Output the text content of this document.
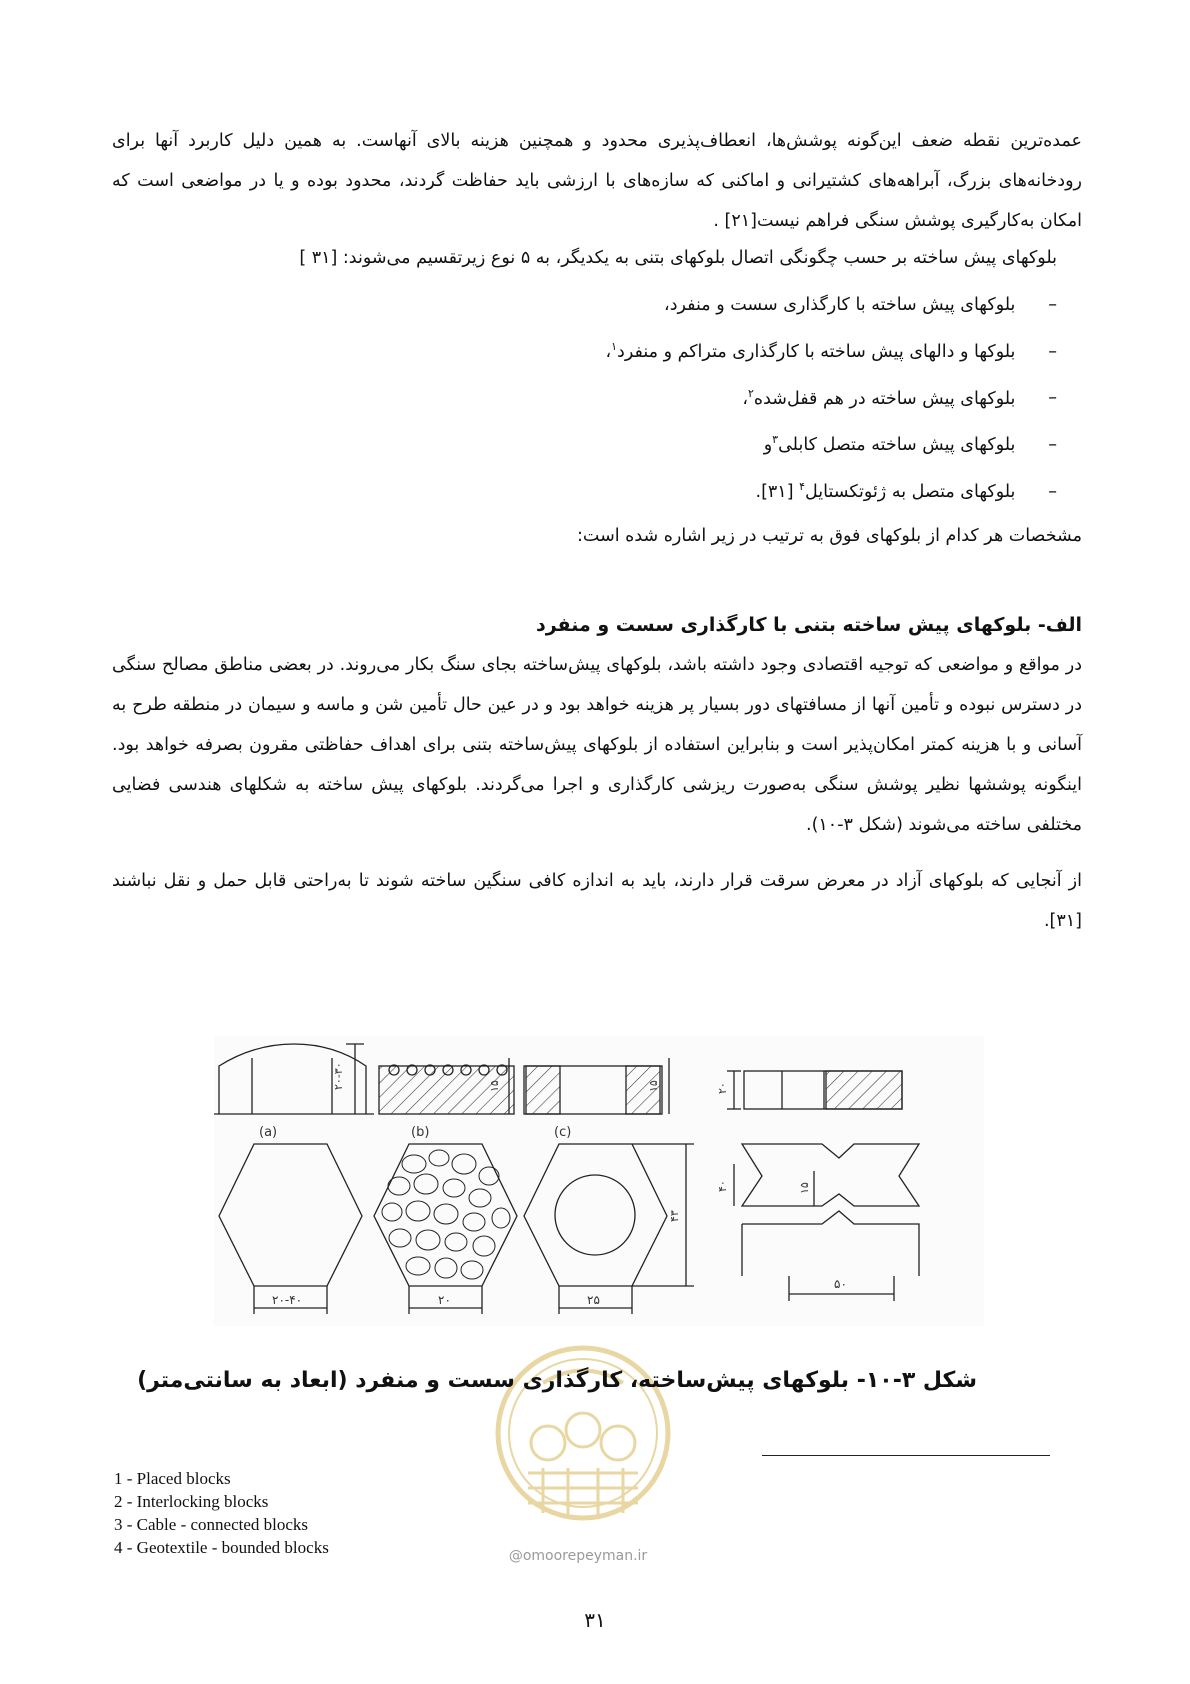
عمده‌ترین نقطه ضعف این‌گونه پوشش‌ها، انعطاف‌پذیری محدود و همچنین هزینه بالای آنهاست. به همین دلیل کاربرد آنها برای رودخانه‌های بزرگ، آبراهه‌های کشتیرانی و اماکنی که سازه‌های با ارزشی باید حفاظت گردند، محدود بوده و یا در مواضعی است که امکان به‌کارگیری پوشش سنگی فراهم نیست[۲۱] .
بلوکهای پیش ساخته بر حسب چگونگی اتصال بلوکهای بتنی به یکدیگر، به ۵ نوع زیرتقسیم می‌شوند: [۳۱ ]
– بلوکهای پیش ساخته با کارگذاری سست و منفرد،
– بلوکها و دالهای پیش ساخته با کارگذاری متراکم و منفرد$^۱$،
– بلوکهای پیش ساخته در هم قفل‌شده$^۲$،
– بلوکهای پیش ساخته متصل کابلی$^۳$و
– بلوکهای متصل به ژئوتکستایل$^۴$ [۳۱].
مشخصات هر کدام از بلوکهای فوق به ترتیب در زیر اشاره شده است:
الف- بلوکهای پیش ساخته بتنی با کارگذاری سست و منفرد
در مواقع و مواضعی که توجیه اقتصادی وجود داشته باشد، بلوکهای پیش‌ساخته بجای سنگ بکار می‌روند. در بعضی مناطق مصالح سنگی در دسترس نبوده و تأمین آنها از مسافتهای دور بسیار پر هزینه خواهد بود و در عین حال تأمین شن و ماسه و سیمان در منطقه طرح به آسانی و با هزینه کمتر امکان‌پذیر است و بنابراین استفاده از بلوکهای پیش‌ساخته بتنی برای اهداف حفاظتی مقرون بصرفه خواهد بود. اینگونه پوششها نظیر پوشش سنگی به‌صورت ریزشی کارگذاری و اجرا می‌گردند. بلوکهای پیش ساخته به شکلهای هندسی فضایی مختلفی ساخته می‌شوند (شکل ۳-۱۰).
از آنجایی که بلوکهای آزاد در معرض سرقت قرار دارند، باید به اندازه کافی سنگین ساخته شوند تا به‌راحتی قابل حمل و نقل نباشند [۳۱].
(a)	(b)	(c)
۲۰-۳۰	۱۵	۱۵	۲۰
۴۳
۴۰	۱۵
۲۰-۴۰	۲۰	۲۵
۵۰
@omoorepeyman.ir
شکل ۳-۱۰- بلوکهای پیش‌ساخته، کارگذاری سست و منفرد (ابعاد به سانتی‌متر)
1 - Placed blocks
2 - Interlocking blocks
3 - Cable - connected blocks
4 - Geotextile - bounded blocks
۳۱
